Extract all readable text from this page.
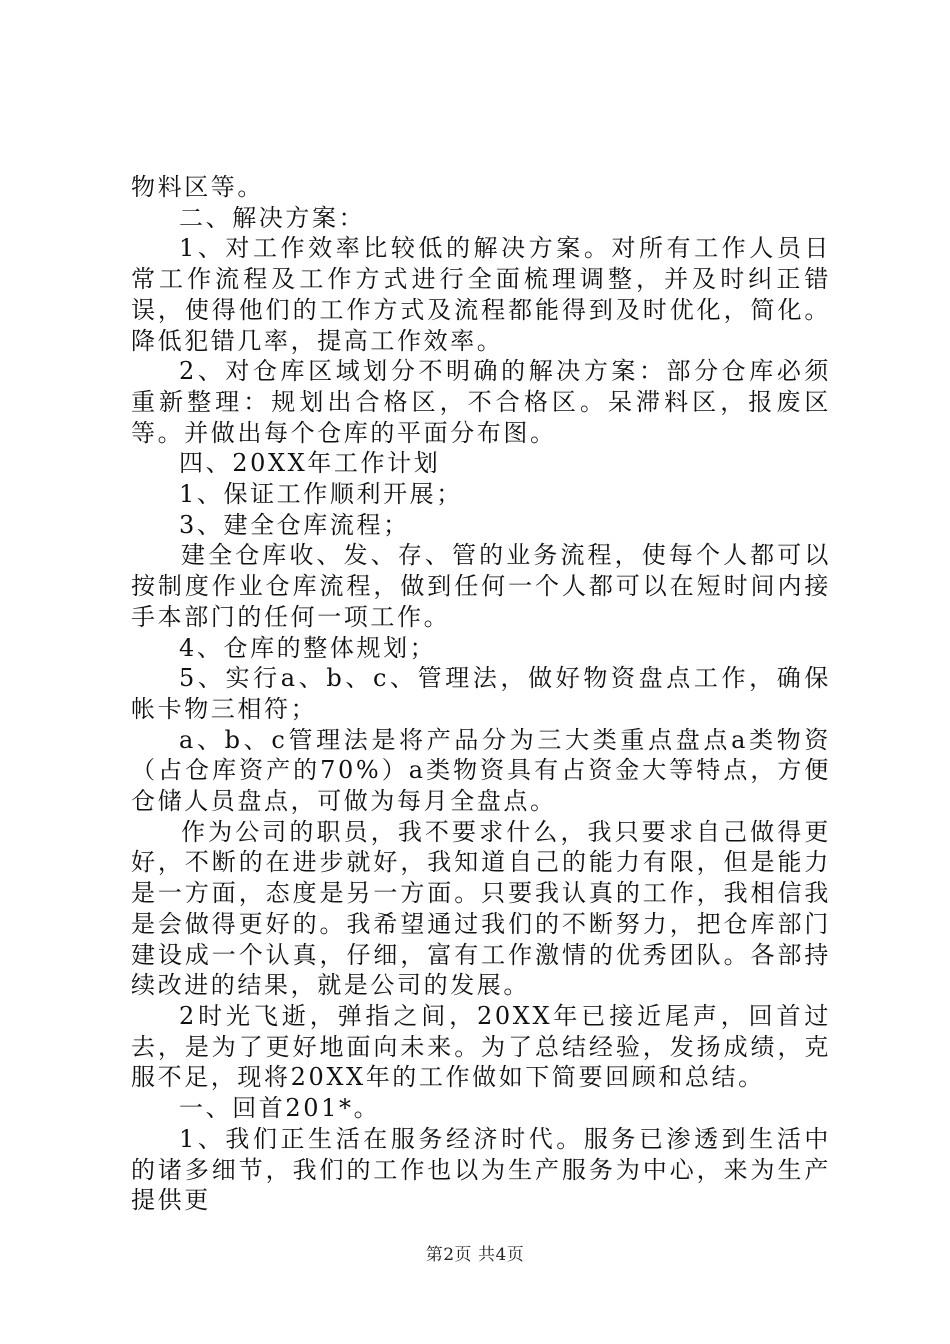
物料区等。

二、解决方案：

1、对工作效率比较低的解决方案。对所有工作人员日常工作流程及工作方式进行全面梳理调整，并及时纠正错误，使得他们的工作方式及流程都能得到及时优化，简化。降低犯错几率，提高工作效率。

2、对仓库区域划分不明确的解决方案：部分仓库必须重新整理：规划出合格区，不合格区。呆滞料区，报废区等。并做出每个仓库的平面分布图。

四、20XX年工作计划

1、保证工作顺利开展；

3、建全仓库流程；

建全仓库收、发、存、管的业务流程，使每个人都可以按制度作业仓库流程，做到任何一个人都可以在短时间内接手本部门的任何一项工作。

4、仓库的整体规划；

5、实行a、b、c、管理法，做好物资盘点工作，确保帐卡物三相符；

a、b、c管理法是将产品分为三大类重点盘点a类物资（占仓库资产的70%）a类物资具有占资金大等特点，方便仓储人员盘点，可做为每月全盘点。

作为公司的职员，我不要求什么，我只要求自己做得更好，不断的在进步就好，我知道自己的能力有限，但是能力是一方面，态度是另一方面。只要我认真的工作，我相信我是会做得更好的。我希望通过我们的不断努力，把仓库部门建设成一个认真，仔细，富有工作激情的优秀团队。各部持续改进的结果，就是公司的发展。

2时光飞逝，弹指之间，20XX年已接近尾声，回首过去，是为了更好地面向未来。为了总结经验，发扬成绩，克服不足，现将20XX年的工作做如下简要回顾和总结。

一、回首201*。

1、我们正生活在服务经济时代。服务已渗透到生活中的诸多细节，我们的工作也以为生产服务为中心，来为生产提供更

第2页 共4页
